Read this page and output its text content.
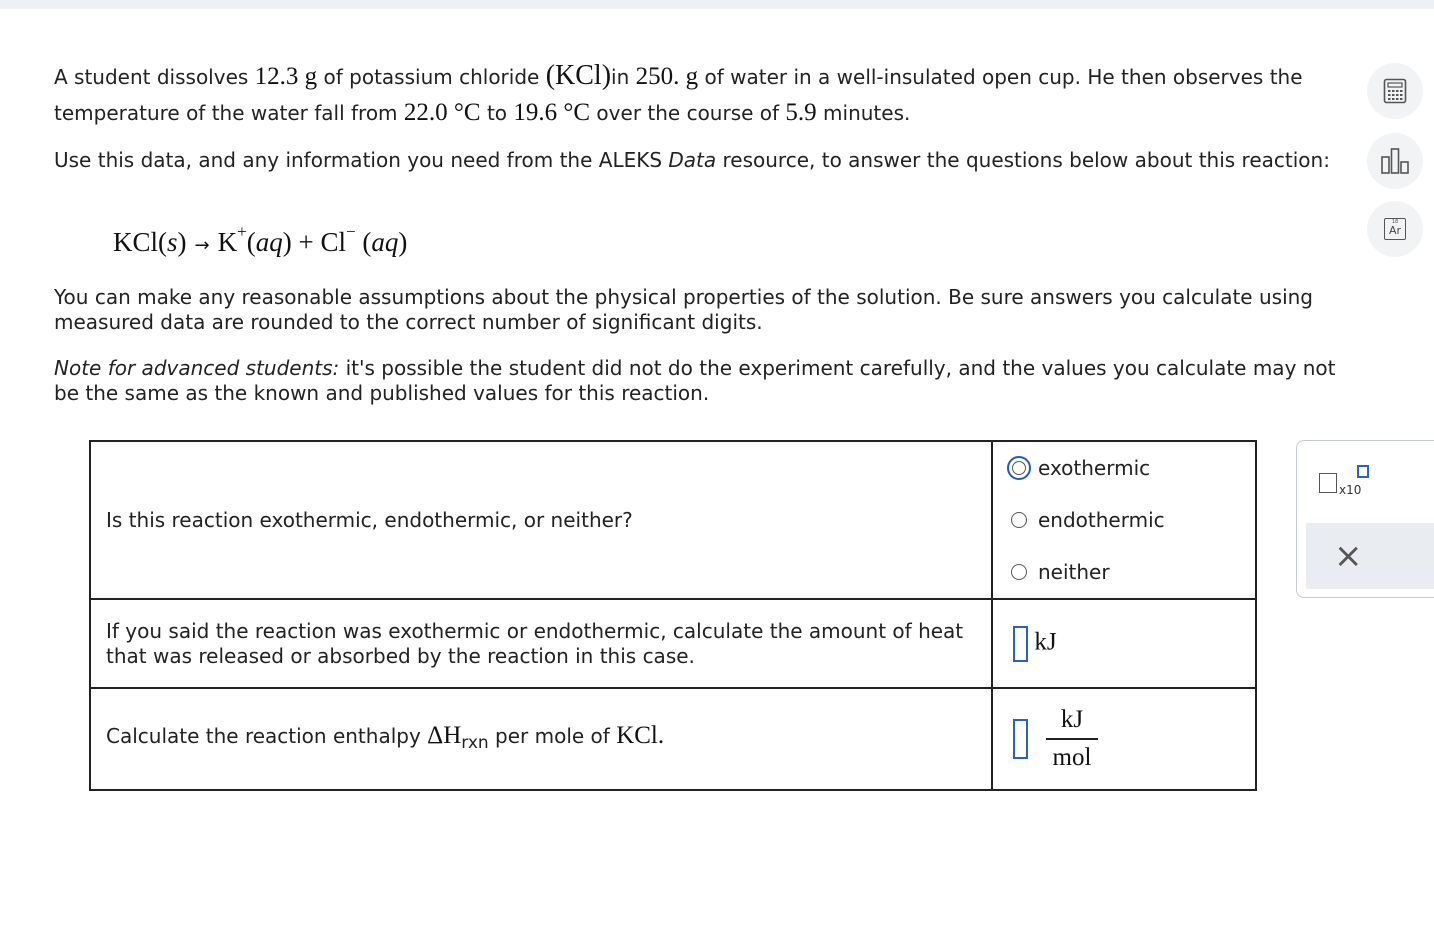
A student dissolves 12.3 g of potassium chloride (KCl)in 250. g of water in a well-insulated open cup. He then observes the temperature of the water fall from 22.0 °C to 19.6 °C over the course of 5.9 minutes.
Use this data, and any information you need from the ALEKS Data resource, to answer the questions below about this reaction:
KCl(s) → K+(aq) + Cl− (aq)
You can make any reasonable assumptions about the physical properties of the solution. Be sure answers you calculate using measured data are rounded to the correct number of significant digits.
Note for advanced students: it's possible the student did not do the experiment carefully, and the values you calculate may not be the same as the known and published values for this reaction.
Is this reaction exothermic, endothermic, or neither?	exothermic
endothermic
neither

If you said the reaction was exothermic or endothermic, calculate the amount of heat that was released or absorbed by the reaction in this case.	kJ
Calculate the reaction enthalpy $\Delta H_{rxn}$ per mole of KCl.	$\frac{kJ}{\text{mol}}$
x10
×
18
Ar
